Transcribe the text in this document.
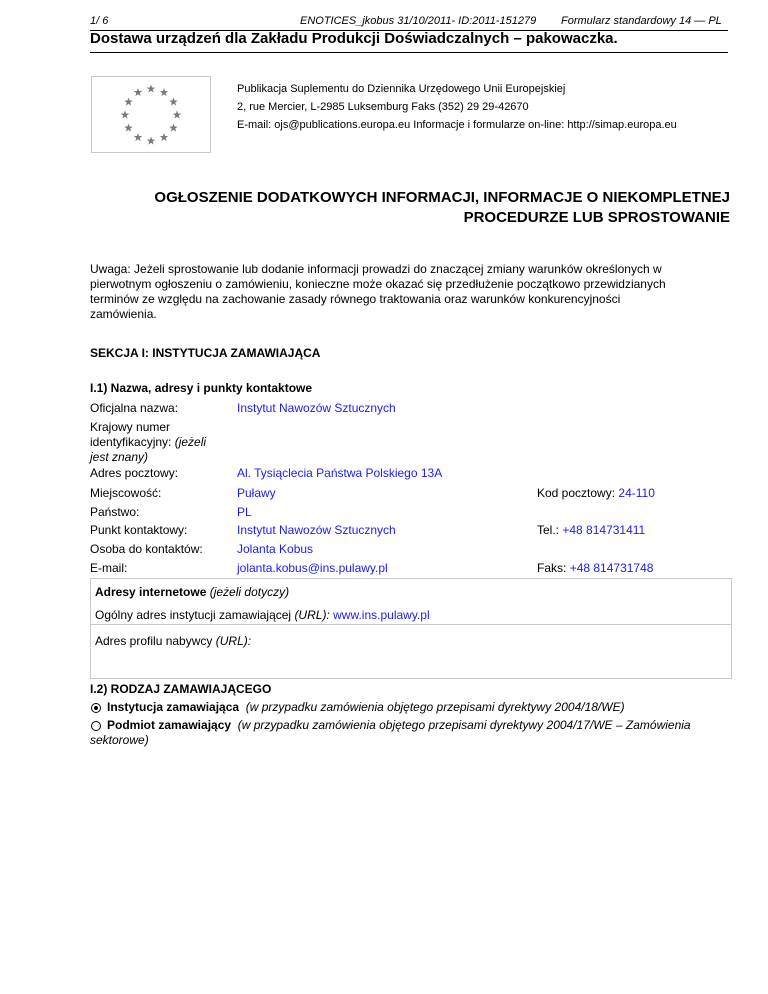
1/ 6	ENOTICES_jkobus 31/10/2011- ID:2011-151279 Formularz standardowy 14 — PL
Dostawa urządzeń dla Zakładu Produkcji Doświadczalnych – pakowaczka.
Publikacja Suplementu do Dziennika Urzędowego Unii Europejskiej
2, rue Mercier, L-2985 Luksemburg Faks (352) 29 29-42670
E-mail: ojs@publications.europa.eu Informacje i formularze on-line: http://simap.europa.eu
OGŁOSZENIE DODATKOWYCH INFORMACJI, INFORMACJE O NIEKOMPLETNEJ
PROCEDURZE LUB SPROSTOWANIE
Uwaga: Jeżeli sprostowanie lub dodanie informacji prowadzi do znaczącej zmiany warunków określonych w
pierwotnym ogłoszeniu o zamówieniu, konieczne może okazać się przedłużenie początkowo przewidzianych
terminów ze względu na zachowanie zasady równego traktowania oraz warunków konkurencyjności
zamówienia.
SEKCJA I: INSTYTUCJA ZAMAWIAJĄCA
I.1) Nazwa, adresy i punkty kontaktowe
Oficjalna nazwa:	Instytut Nawozów Sztucznych
Krajowy numer
identyfikacyjny: (jeżeli
jest znany)
Adres pocztowy:	Al. Tysiąclecia Państwa Polskiego 13A
Miejscowość:	Puławy	Kod pocztowy: 24-110
Państwo:	PL
Punkt kontaktowy:	Instytut Nawozów Sztucznych	Tel.: +48 814731411
Osoba do kontaktów:	Jolanta Kobus
E-mail:	jolanta.kobus@ins.pulawy.pl	Faks: +48 814731748
Adresy internetowe (jeżeli dotyczy)
Ogólny adres instytucji zamawiającej (URL): www.ins.pulawy.pl
Adres profilu nabywcy (URL):
I.2) RODZAJ ZAMAWIAJĄCEGO
Instytucja zamawiająca (w przypadku zamówienia objętego przepisami dyrektywy 2004/18/WE)
Podmiot zamawiający (w przypadku zamówienia objętego przepisami dyrektywy 2004/17/WE – Zamówienia
sektorowe)
